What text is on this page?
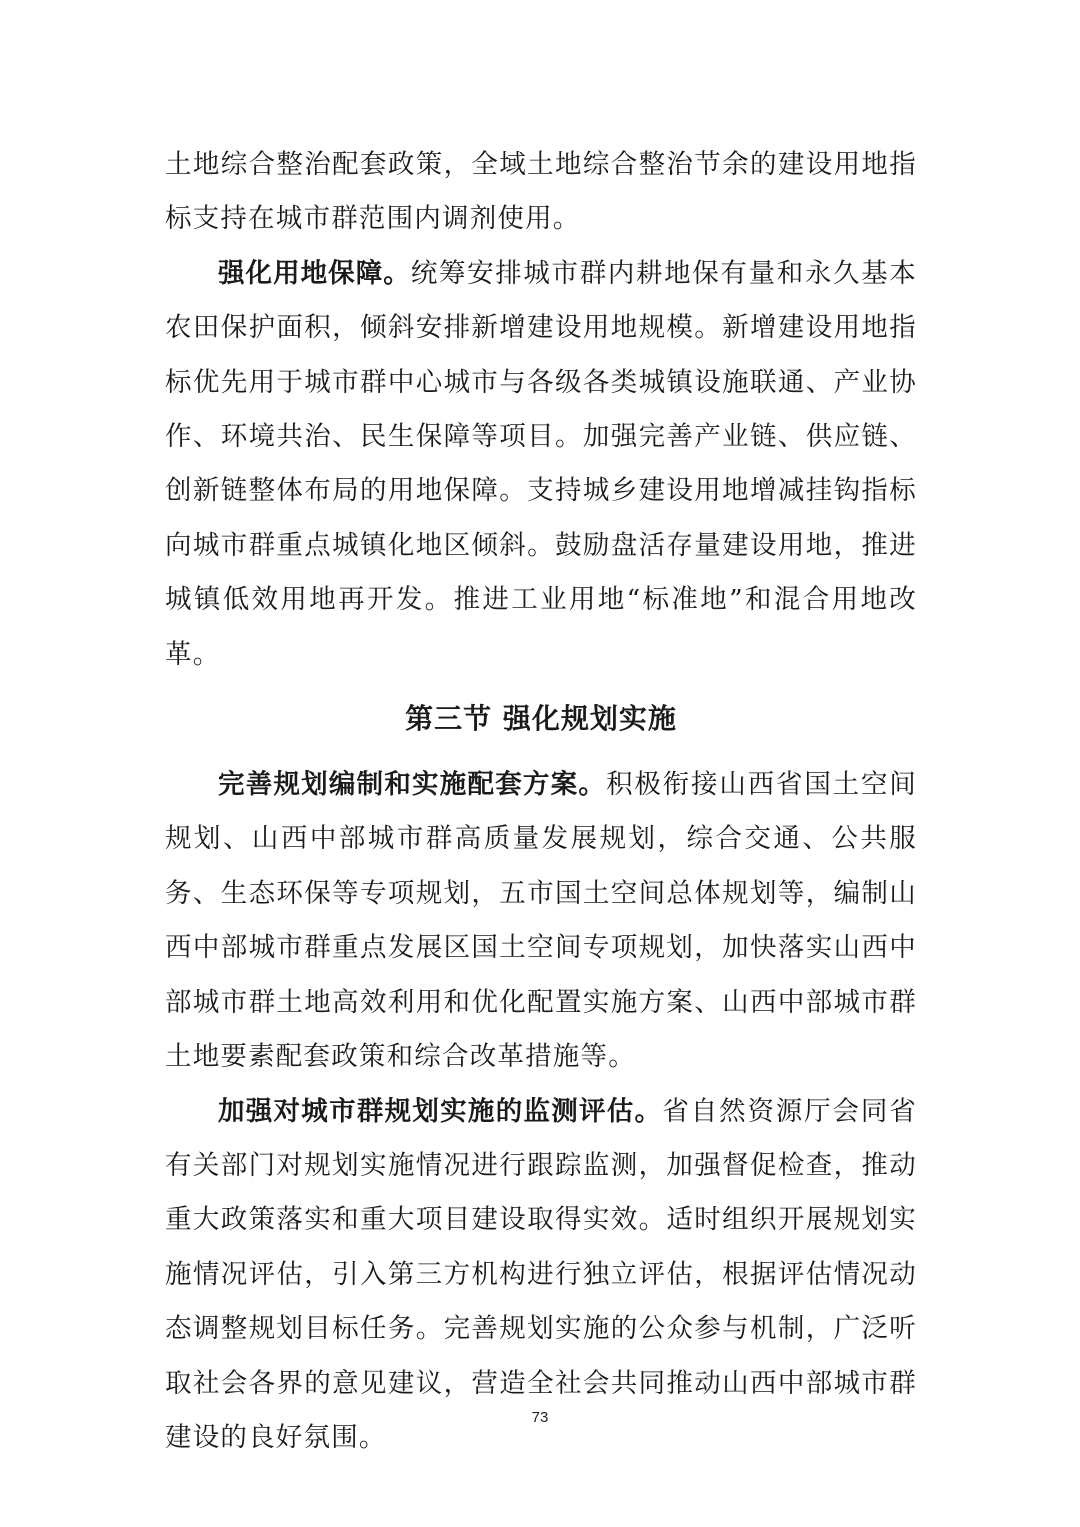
土地综合整治配套政策，全域土地综合整治节余的建设用地指标支持在城市群范围内调剂使用。

强化用地保障。统筹安排城市群内耕地保有量和永久基本农田保护面积，倾斜安排新增建设用地规模。新增建设用地指标优先用于城市群中心城市与各级各类城镇设施联通、产业协作、环境共治、民生保障等项目。加强完善产业链、供应链、创新链整体布局的用地保障。支持城乡建设用地增减挂钩指标向城市群重点城镇化地区倾斜。鼓励盘活存量建设用地，推进城镇低效用地再开发。推进工业用地“标准地”和混合用地改革。

第三节 强化规划实施

完善规划编制和实施配套方案。积极衔接山西省国土空间规划、山西中部城市群高质量发展规划，综合交通、公共服务、生态环保等专项规划，五市国土空间总体规划等，编制山西中部城市群重点发展区国土空间专项规划，加快落实山西中部城市群土地高效利用和优化配置实施方案、山西中部城市群土地要素配套政策和综合改革措施等。

加强对城市群规划实施的监测评估。省自然资源厅会同省有关部门对规划实施情况进行跟踪监测，加强督促检查，推动重大政策落实和重大项目建设取得实效。适时组织开展规划实施情况评估，引入第三方机构进行独立评估，根据评估情况动态调整规划目标任务。完善规划实施的公众参与机制，广泛听取社会各界的意见建议，营造全社会共同推动山西中部城市群建设的良好氛围。

73
